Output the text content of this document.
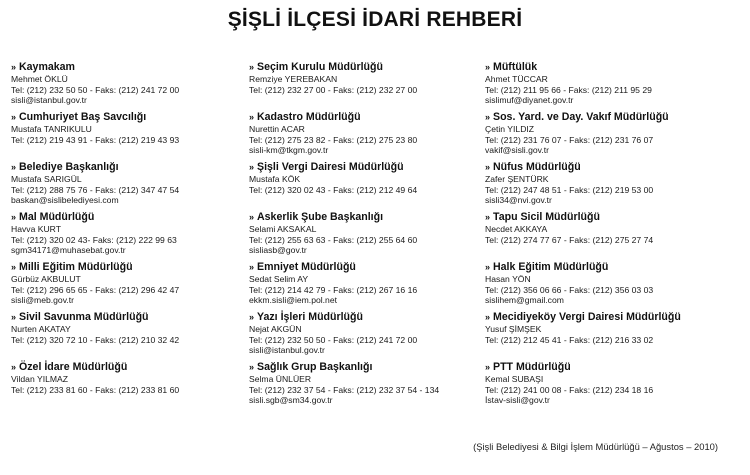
ŞİŞLİ İLÇESİ İDARİ REHBERİ
» Kaymakam
Mehmet ÖKLÜ
Tel: (212) 232 50 50 - Faks: (212) 241 72 00
sisli@istanbul.gov.tr
» Cumhuriyet Baş Savcılığı
Mustafa TANRIKULU
Tel: (212) 219 43 91 - Faks: (212) 219 43 93
» Belediye Başkanlığı
Mustafa SARIGÜL
Tel: (212) 288 75 76 - Faks: (212) 347 47 54
baskan@sislibelediyesi.com
» Mal Müdürlüğü
Havva KURT
Tel: (212) 320 02 43- Faks: (212) 222 99 63
sgm34171@muhasebat.gov.tr
» Milli Eğitim Müdürlüğü
Gürbüz AKBULUT
Tel: (212) 296 65 65 - Faks: (212) 296 42 47
sisli@meb.gov.tr
» Sivil Savunma Müdürlüğü
Nurten AKATAY
Tel: (212) 320 72 10 - Faks: (212) 210 32 42
» Özel İdare Müdürlüğü
Vildan YILMAZ
Tel: (212) 233 81 60 - Faks: (212) 233 81 60
» Seçim Kurulu Müdürlüğü
Remziye YEREBAKAN
Tel: (212) 232 27 00 - Faks: (212) 232 27 00
» Kadastro Müdürlüğü
Nurettin ACAR
Tel: (212) 275 23 82 - Faks: (212) 275 23 80
sisli-km@tkgm.gov.tr
» Şişli Vergi Dairesi Müdürlüğü
Mustafa KÖK
Tel: (212) 320 02 43 - Faks: (212) 212 49 64
» Askerlik Şube Başkanlığı
Selami AKSAKAL
Tel: (212) 255 63 63 - Faks: (212) 255 64 60
sisliasb@gov.tr
» Emniyet Müdürlüğü
Sedat Selim AY
Tel: (212) 214 42 79 - Faks: (212) 267 16 16
ekkm.sisli@iem.pol.net
» Yazı İşleri Müdürlüğü
Nejat AKGÜN
Tel: (212) 232 50 50 - Faks: (212) 241 72 00
sisli@istanbul.gov.tr
» Sağlık Grup Başkanlığı
Selma ÜNLÜER
Tel: (212) 232 37 54 - Faks: (212) 232 37 54 - 134
sisli.sgb@sm34.gov.tr
» Müftülük
Ahmet TÜCCAR
Tel: (212) 211 95 66 - Faks: (212) 211 95 29
sislimuf@diyanet.gov.tr
» Sos. Yard. ve Day. Vakıf Müdürlüğü
Çetin YILDIZ
Tel: (212) 231 76 07 - Faks: (212) 231 76 07
vakif@sisli.gov.tr
» Nüfus Müdürlüğü
Zafer ŞENTÜRK
Tel: (212) 247 48 51 - Faks: (212) 219 53 00
sisli34@nvi.gov.tr
» Tapu Sicil Müdürlüğü
Necdet AKKAYA
Tel: (212) 274 77 67 - Faks: (212) 275 27 74
» Halk Eğitim Müdürlüğü
Hasan YÖN
Tel: (212) 356 06 66 - Faks: (212) 356 03 03
sislihem@gmail.com
» Mecidiyeköy Vergi Dairesi Müdürlüğü
Yusuf ŞİMŞEK
Tel: (212) 212 45 41 - Faks: (212) 216 33 02
» PTT Müdürlüğü
Kemal SUBAŞI
Tel: (212) 241 00 08 - Faks: (212) 234 18 16
İstav-sisli@gov.tr
(Şişli Belediyesi & Bilgi İşlem Müdürlüğü – Ağustos – 2010)
